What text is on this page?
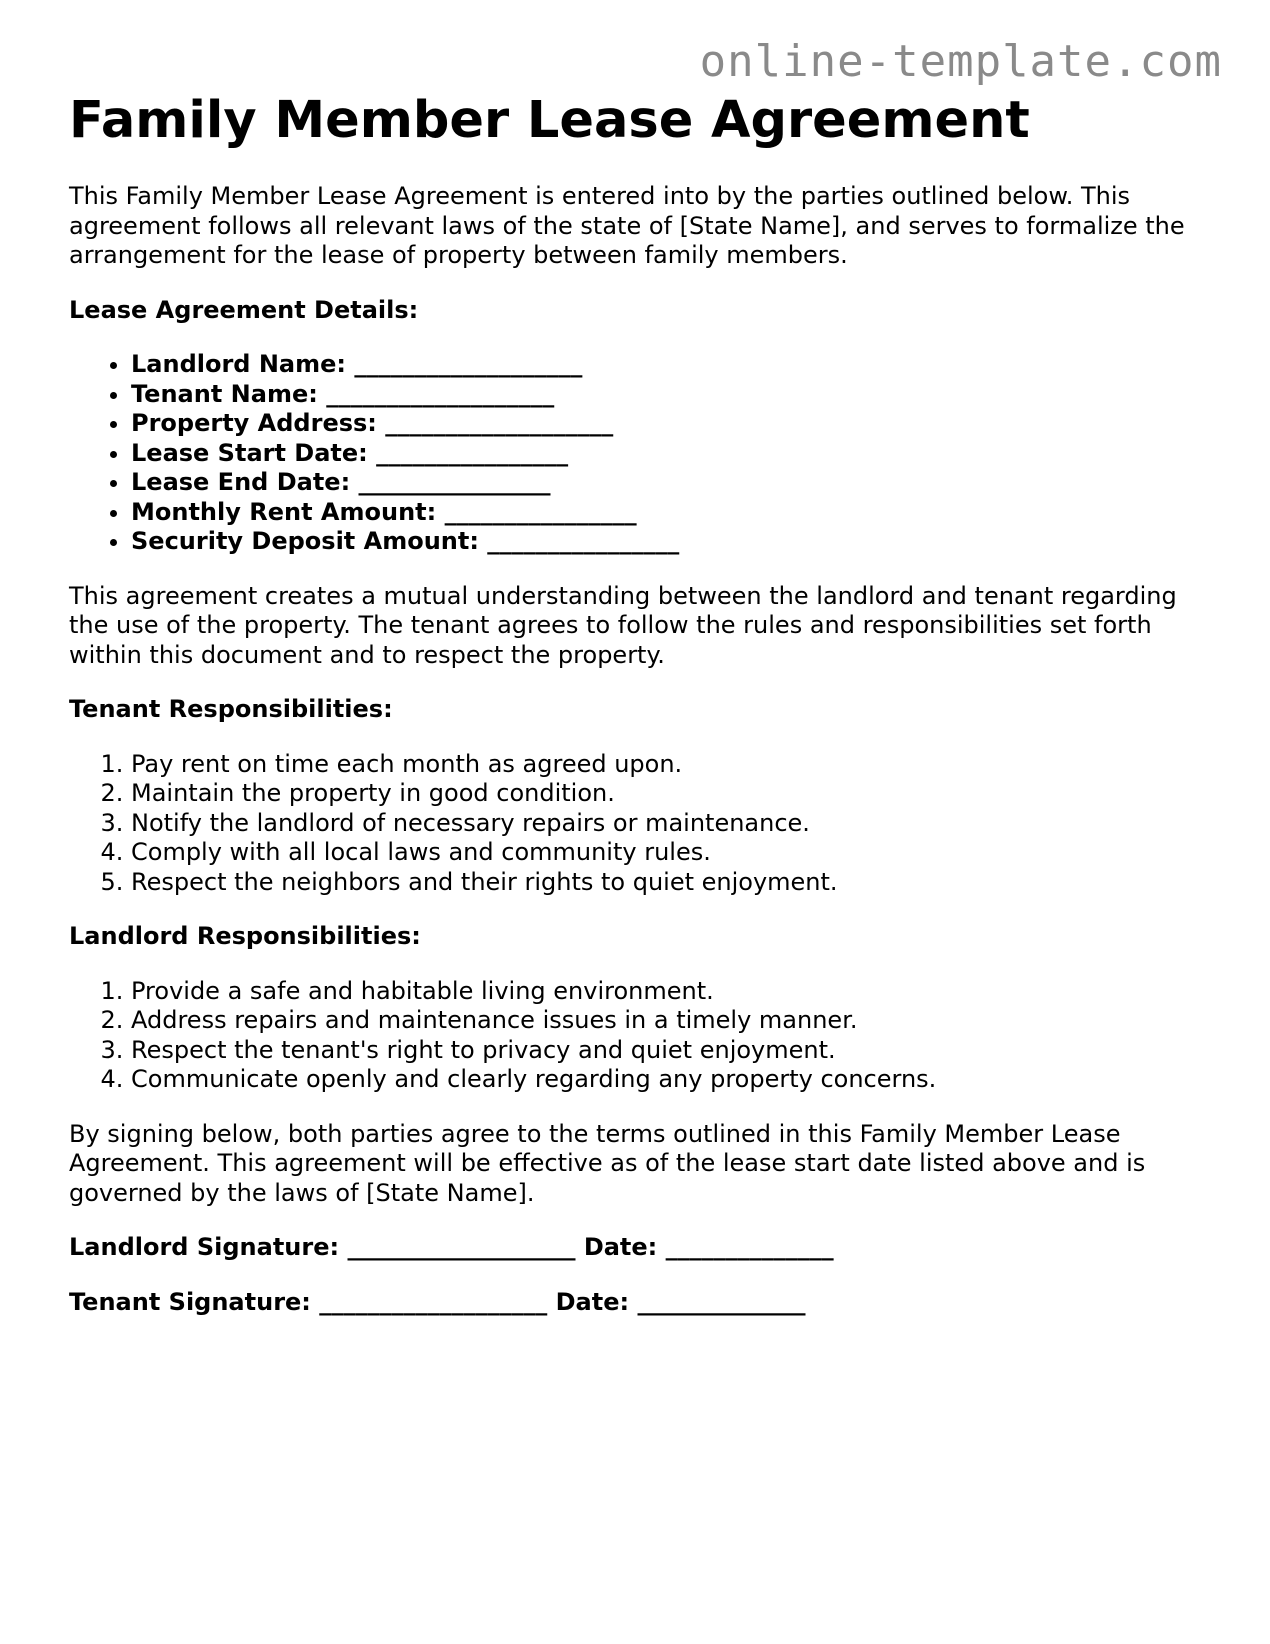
online-template.com
Family Member Lease Agreement

This Family Member Lease Agreement is entered into by the parties outlined below. This agreement follows all relevant laws of the state of [State Name], and serves to formalize the arrangement for the lease of property between family members.

Lease Agreement Details:
• Landlord Name: ___________________
• Tenant Name: ___________________
• Property Address: ___________________
• Lease Start Date: ________________
• Lease End Date: ________________
• Monthly Rent Amount: ________________
• Security Deposit Amount: ________________

This agreement creates a mutual understanding between the landlord and tenant regarding the use of the property. The tenant agrees to follow the rules and responsibilities set forth within this document and to respect the property.

Tenant Responsibilities:
1. Pay rent on time each month as agreed upon.
2. Maintain the property in good condition.
3. Notify the landlord of necessary repairs or maintenance.
4. Comply with all local laws and community rules.
5. Respect the neighbors and their rights to quiet enjoyment.
Landlord Responsibilities:
1. Provide a safe and habitable living environment.
2. Address repairs and maintenance issues in a timely manner.
3. Respect the tenant's right to privacy and quiet enjoyment.
4. Communicate openly and clearly regarding any property concerns.

By signing below, both parties agree to the terms outlined in this Family Member Lease Agreement. This agreement will be effective as of the lease start date listed above and is governed by the laws of [State Name].

Landlord Signature: ___________________ Date: ______________
Tenant Signature: ___________________ Date: ______________
